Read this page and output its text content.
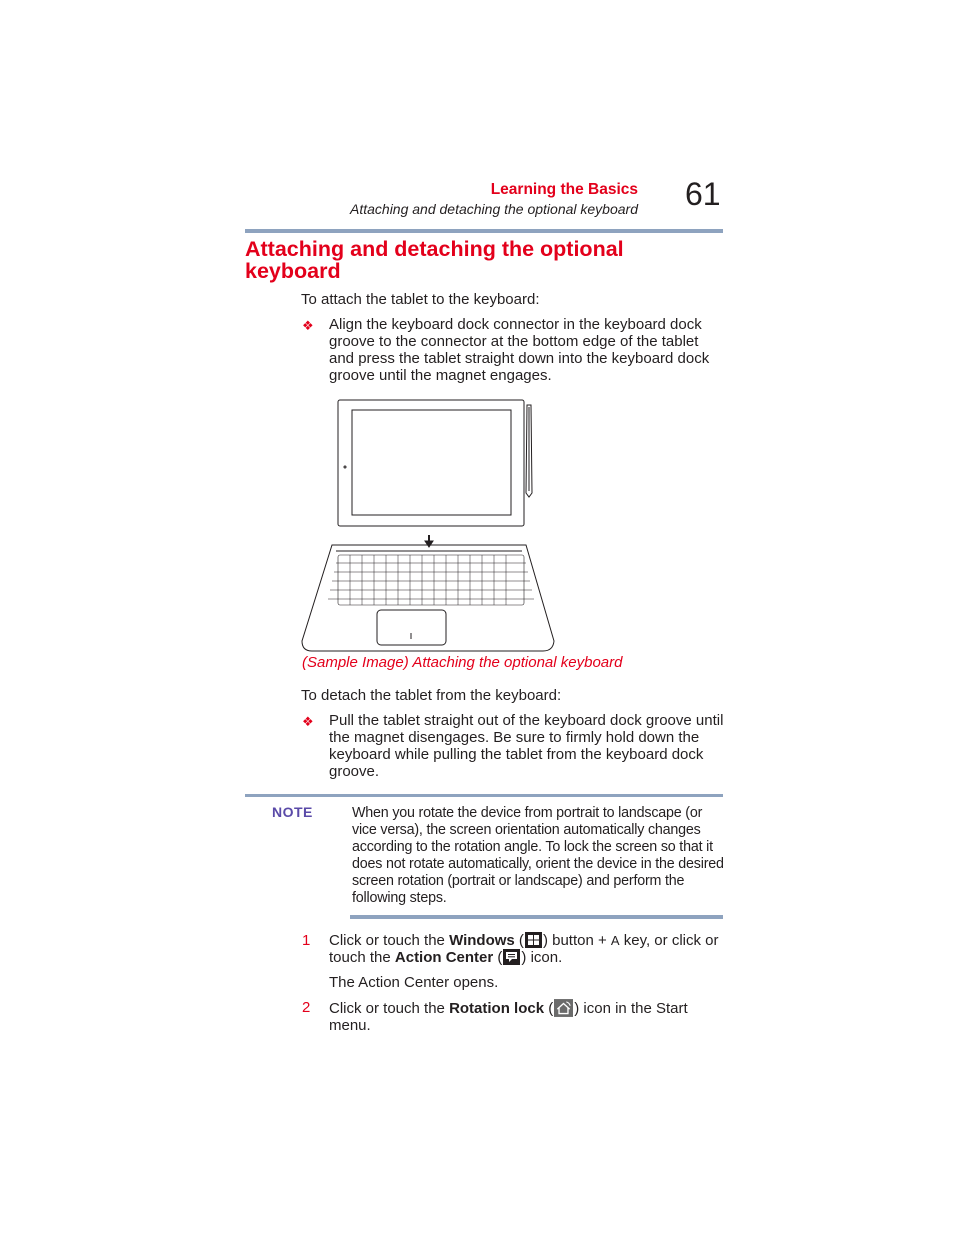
Learning the Basics
Attaching and detaching the optional keyboard 61
Attaching and detaching the optional keyboard
To attach the tablet to the keyboard:
❖ Align the keyboard dock connector in the keyboard dock groove to the connector at the bottom edge of the tablet and press the tablet straight down into the keyboard dock groove until the magnet engages.
(Sample Image) Attaching the optional keyboard
To detach the tablet from the keyboard:
❖ Pull the tablet straight out of the keyboard dock groove until the magnet disengages. Be sure to firmly hold down the keyboard while pulling the tablet from the keyboard dock groove.
NOTE	When you rotate the device from portrait to landscape (or vice versa), the screen orientation automatically changes according to the rotation angle. To lock the screen so that it does not rotate automatically, orient the device in the desired screen rotation (portrait or landscape) and perform the following steps.
1 Click or touch the Windows ( ) button + A key, or click or touch the Action Center ( ) icon.
The Action Center opens.
2 Click or touch the Rotation lock ( ) icon in the Start menu.
